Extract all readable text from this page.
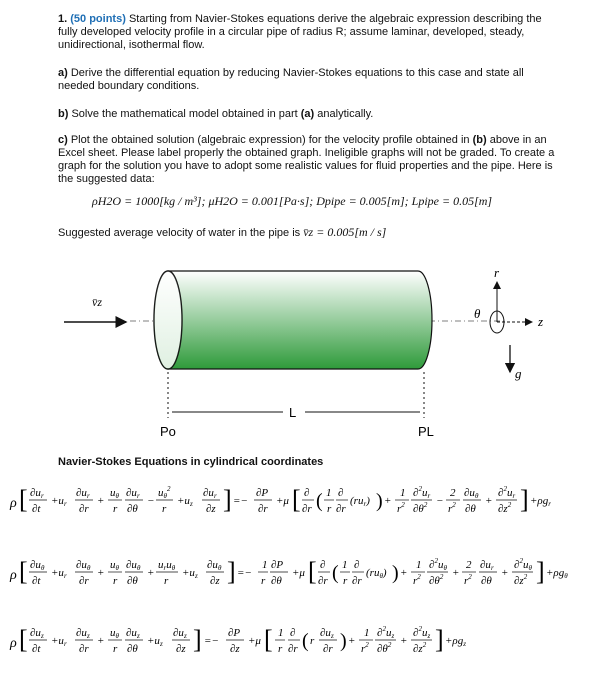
1. (50 points) Starting from Navier-Stokes equations derive the algebraic expression describing the fully developed velocity profile in a circular pipe of radius R; assume laminar, developed, steady, unidirectional, isothermal flow.
a) Derive the differential equation by reducing Navier-Stokes equations to this case and state all needed boundary conditions.
b) Solve the mathematical model obtained in part (a) analytically.
c) Plot the obtained solution (algebraic expression) for the velocity profile obtained in (b) above in an Excel sheet. Please label properly the obtained graph. Ineligible graphs will not be graded. To create a graph for the solution you have to adopt some realistic values for fluid properties and the pipe. Here is the suggested data:
ρH2O = 1000[kg / m³]; μH2O = 0.001[Pa·s]; Dpipe = 0.005[m]; Lpipe = 0.05[m]
Suggested average velocity of water in the pipe is v̄z = 0.005[m / s]
v̄z
L
Po	PL
r
z
θ
g
Navier-Stokes Equations in cylindrical coordinates
ρ [ ∂ur
∂t
+ur
∂ur
∂r
+
uθ
r
∂ur
∂θ
−
$u\theta^2$
r
+uz
∂ur
∂z ] =−
∂P
∂r
+μ [ ∂
∂r ( 1
r
∂
∂r
(rur) ) +
1
$r^2$
∂$^2$ur
$\partial\theta^2$ −
2
$r^2$
∂uθ
∂θ
+
∂$^2$ur
$\partial z^2$ ] +ρgr
ρ [ ∂uθ
∂t
+ur
∂uθ
∂r
+
uθ
r
∂uθ
∂θ
+
uruθ
r
+uz
∂uθ
∂z ] =−
1
r
∂P
∂θ
+μ [ ∂
∂r ( 1
r
∂
∂r
(ruθ) ) +
1
$r^2$
∂$^2$uθ
$\partial\theta^2$ +
2
$r^2$
∂ur
∂θ
+
∂$^2$uθ
$\partial z^2$ ] +ρgθ
ρ [ ∂uz
∂t
+ur
∂uz
∂r
+
uθ
r
∂uz
∂θ
+uz
∂uz
∂z ] =−
∂P
∂z
+μ [ 1
r
∂
∂r ( r
∂uz
∂r ) +
1
$r^2$
∂$^2$uz
$\partial\theta^2$ +
∂$^2$uz
$\partial z^2$ ] +ρgz
